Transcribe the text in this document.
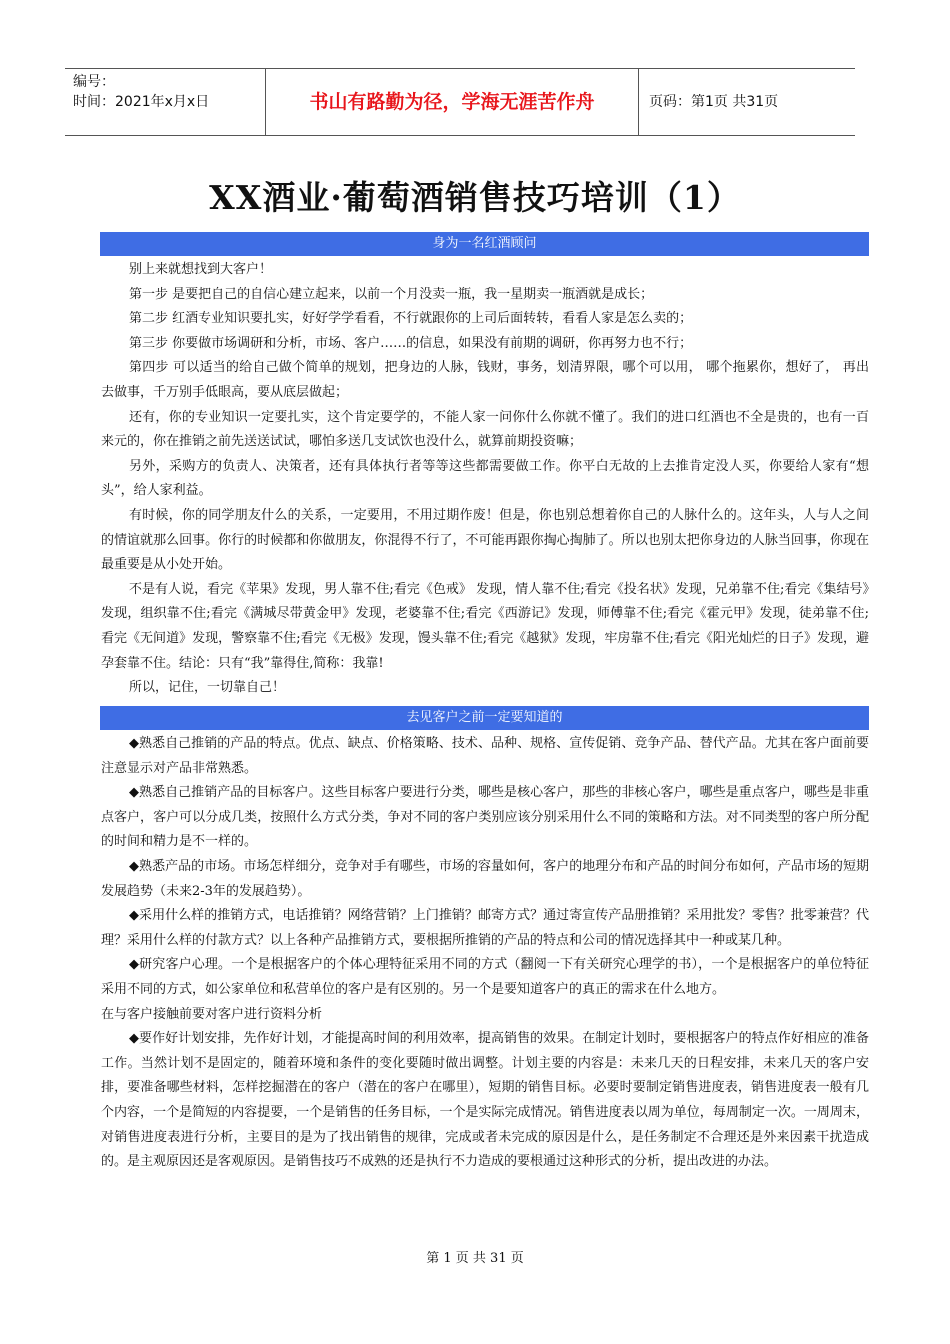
编号：
时间：2021年x月x日	书山有路勤为径，学海无涯苦作舟	页码：第1页 共31页
XX酒业·葡萄酒销售技巧培训（1）
身为一名红酒顾问

别上来就想找到大客户！

第一步 是要把自己的自信心建立起来，以前一个月没卖一瓶，我一星期卖一瓶酒就是成长；

第二步 红酒专业知识要扎实，好好学学看看，不行就跟你的上司后面转转，看看人家是怎么卖的；

第三步 你要做市场调研和分析，市场、客户……的信息，如果没有前期的调研，你再努力也不行；

第四步 可以适当的给自己做个简单的规划，把身边的人脉，钱财，事务，划清界限，哪个可以用， 哪个拖累你，想好了， 再出去做事，千万别手低眼高，要从底层做起；

还有，你的专业知识一定要扎实，这个肯定要学的，不能人家一问你什么你就不懂了。我们的进口红酒也不全是贵的，也有一百来元的，你在推销之前先送送试试，哪怕多送几支试饮也没什么，就算前期投资嘛；

另外，采购方的负责人、决策者，还有具体执行者等等这些都需要做工作。你平白无故的上去推肯定没人买，你要给人家有“想头”，给人家利益。

有时候，你的同学朋友什么的关系，一定要用，不用过期作废！但是，你也别总想着你自己的人脉什么的。这年头，人与人之间的情谊就那么回事。你行的时候都和你做朋友，你混得不行了，不可能再跟你掏心掏肺了。所以也别太把你身边的人脉当回事，你现在最重要是从小处开始。

不是有人说，看完《苹果》发现，男人靠不住;看完《色戒》 发现，情人靠不住;看完《投名状》发现，兄弟靠不住;看完《集结号》发现，组织靠不住;看完《满城尽带黄金甲》发现，老婆靠不住;看完《西游记》发现，师傅靠不住;看完《霍元甲》发现，徒弟靠不住;看完《无间道》发现，警察靠不住;看完《无极》发现，馒头靠不住;看完《越狱》发现，牢房靠不住;看完《阳光灿烂的日子》发现，避孕套靠不住。结论：只有“我”靠得住,简称：我靠!

所以，记住，一切靠自己！

去见客户之前一定要知道的

◆熟悉自己推销的产品的特点。优点、缺点、价格策略、技术、品种、规格、宣传促销、竞争产品、替代产品。尤其在客户面前要注意显示对产品非常熟悉。

◆熟悉自己推销产品的目标客户。这些目标客户要进行分类，哪些是核心客户，那些的非核心客户，哪些是重点客户，哪些是非重点客户，客户可以分成几类，按照什么方式分类，争对不同的客户类别应该分别采用什么不同的策略和方法。对不同类型的客户所分配的时间和精力是不一样的。

◆熟悉产品的市场。市场怎样细分，竞争对手有哪些，市场的容量如何，客户的地理分布和产品的时间分布如何，产品市场的短期发展趋势（未来2-3年的发展趋势）。

◆采用什么样的推销方式，电话推销？网络营销？上门推销？邮寄方式？通过寄宣传产品册推销？采用批发？零售？批零兼营？代理？采用什么样的付款方式？以上各种产品推销方式，要根据所推销的产品的特点和公司的情况选择其中一种或某几种。

◆研究客户心理。一个是根据客户的个体心理特征采用不同的方式（翻阅一下有关研究心理学的书），一个是根据客户的单位特征采用不同的方式，如公家单位和私营单位的客户是有区别的。另一个是要知道客户的真正的需求在什么地方。

在与客户接触前要对客户进行资料分析

◆要作好计划安排，先作好计划，才能提高时间的利用效率，提高销售的效果。在制定计划时，要根据客户的特点作好相应的准备工作。当然计划不是固定的，随着环境和条件的变化要随时做出调整。计划主要的内容是：未来几天的日程安排，未来几天的客户安排，要准备哪些材料，怎样挖掘潜在的客户（潜在的客户在哪里），短期的销售目标。必要时要制定销售进度表，销售进度表一般有几个内容，一个是简短的内容提要，一个是销售的任务目标，一个是实际完成情况。销售进度表以周为单位，每周制定一次。一周周末，对销售进度表进行分析，主要目的是为了找出销售的规律，完成或者未完成的原因是什么，是任务制定不合理还是外来因素干扰造成的。是主观原因还是客观原因。是销售技巧不成熟的还是执行不力造成的要根通过这种形式的分析，提出改进的办法。

第 1 页 共 31 页
